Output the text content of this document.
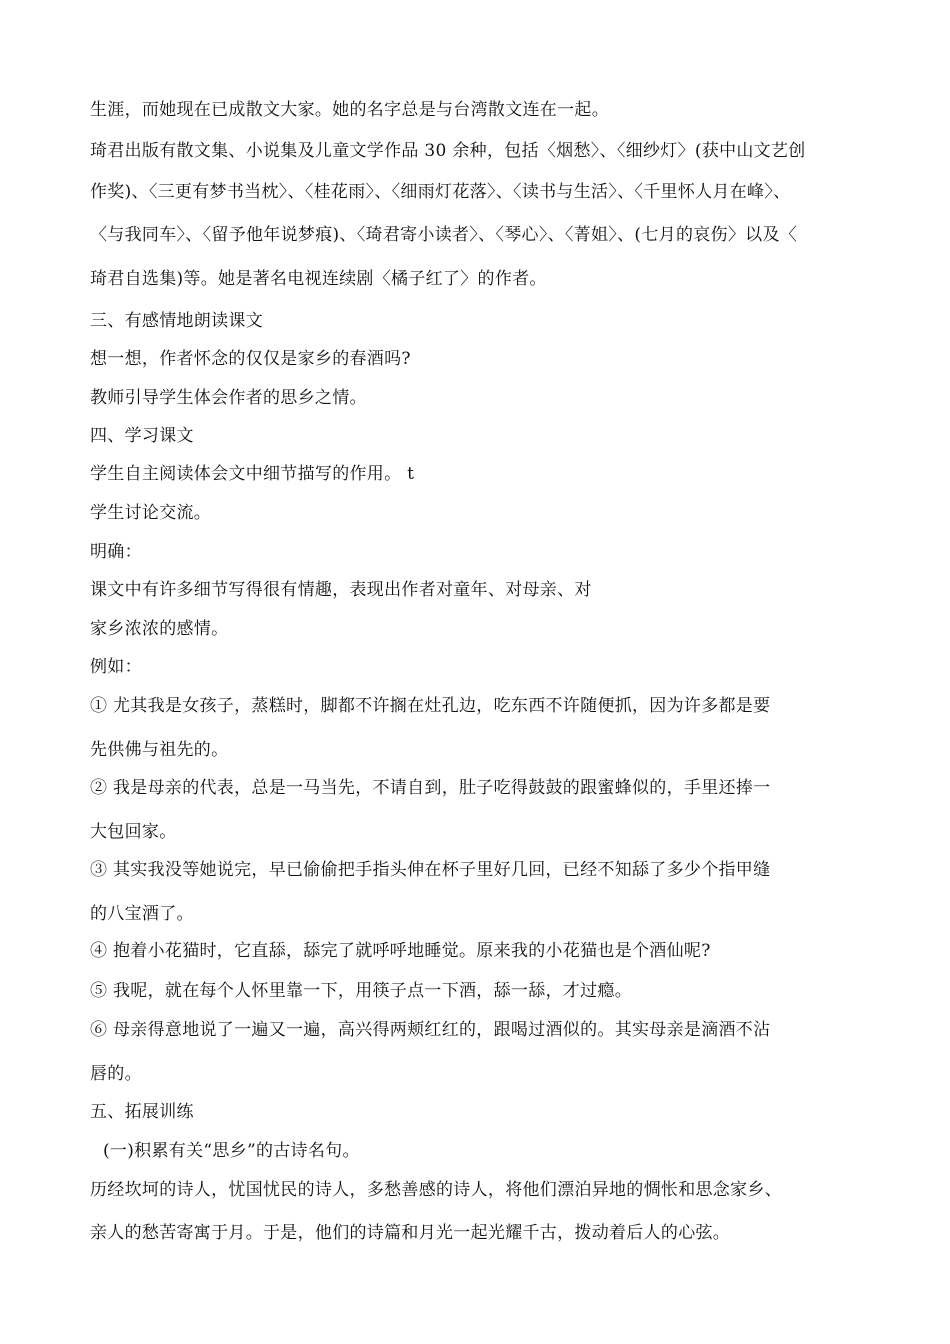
生涯，而她现在已成散文大家。她的名字总是与台湾散文连在一起。
琦君出版有散文集、小说集及儿童文学作品 30 余种，包括〈烟愁〉、〈细纱灯〉(获中山文艺创
作奖)、〈三更有梦书当枕〉、〈桂花雨〉、〈细雨灯花落〉、〈读书与生活〉、〈千里怀人月在峰〉、
〈与我同车〉、〈留予他年说梦痕)、〈琦君寄小读者〉、〈琴心〉、〈菁姐〉、(七月的哀伤〉以及〈
琦君自选集)等。她是著名电视连续剧〈橘子红了〉的作者。
三、有感情地朗读课文
想一想，作者怀念的仅仅是家乡的春酒吗?
教师引导学生体会作者的思乡之情。
四、学习课文
学生自主阅读体会文中细节描写的作用。 t
学生讨论交流。
明确：
课文中有许多细节写得很有情趣，表现出作者对童年、对母亲、对
家乡浓浓的感情。
例如：
① 尤其我是女孩子，蒸糕时，脚都不许搁在灶孔边，吃东西不许随便抓，因为许多都是要
先供佛与祖先的。
② 我是母亲的代表，总是一马当先，不请自到，肚子吃得鼓鼓的跟蜜蜂似的，手里还捧一
大包回家。
③ 其实我没等她说完，早已偷偷把手指头伸在杯子里好几回，已经不知舔了多少个指甲缝
的八宝酒了。
④ 抱着小花猫时，它直舔，舔完了就呼呼地睡觉。原来我的小花猫也是个酒仙呢?
⑤ 我呢，就在每个人怀里靠一下，用筷子点一下酒，舔一舔，才过瘾。
⑥ 母亲得意地说了一遍又一遍，高兴得两颊红红的，跟喝过酒似的。其实母亲是滴酒不沾
唇的。
五、拓展训练
(一)积累有关“思乡”的古诗名句。
历经坎坷的诗人，忧国忧民的诗人，多愁善感的诗人，将他们漂泊异地的惆怅和思念家乡、
亲人的愁苦寄寓于月。于是，他们的诗篇和月光一起光耀千古，拨动着后人的心弦。
